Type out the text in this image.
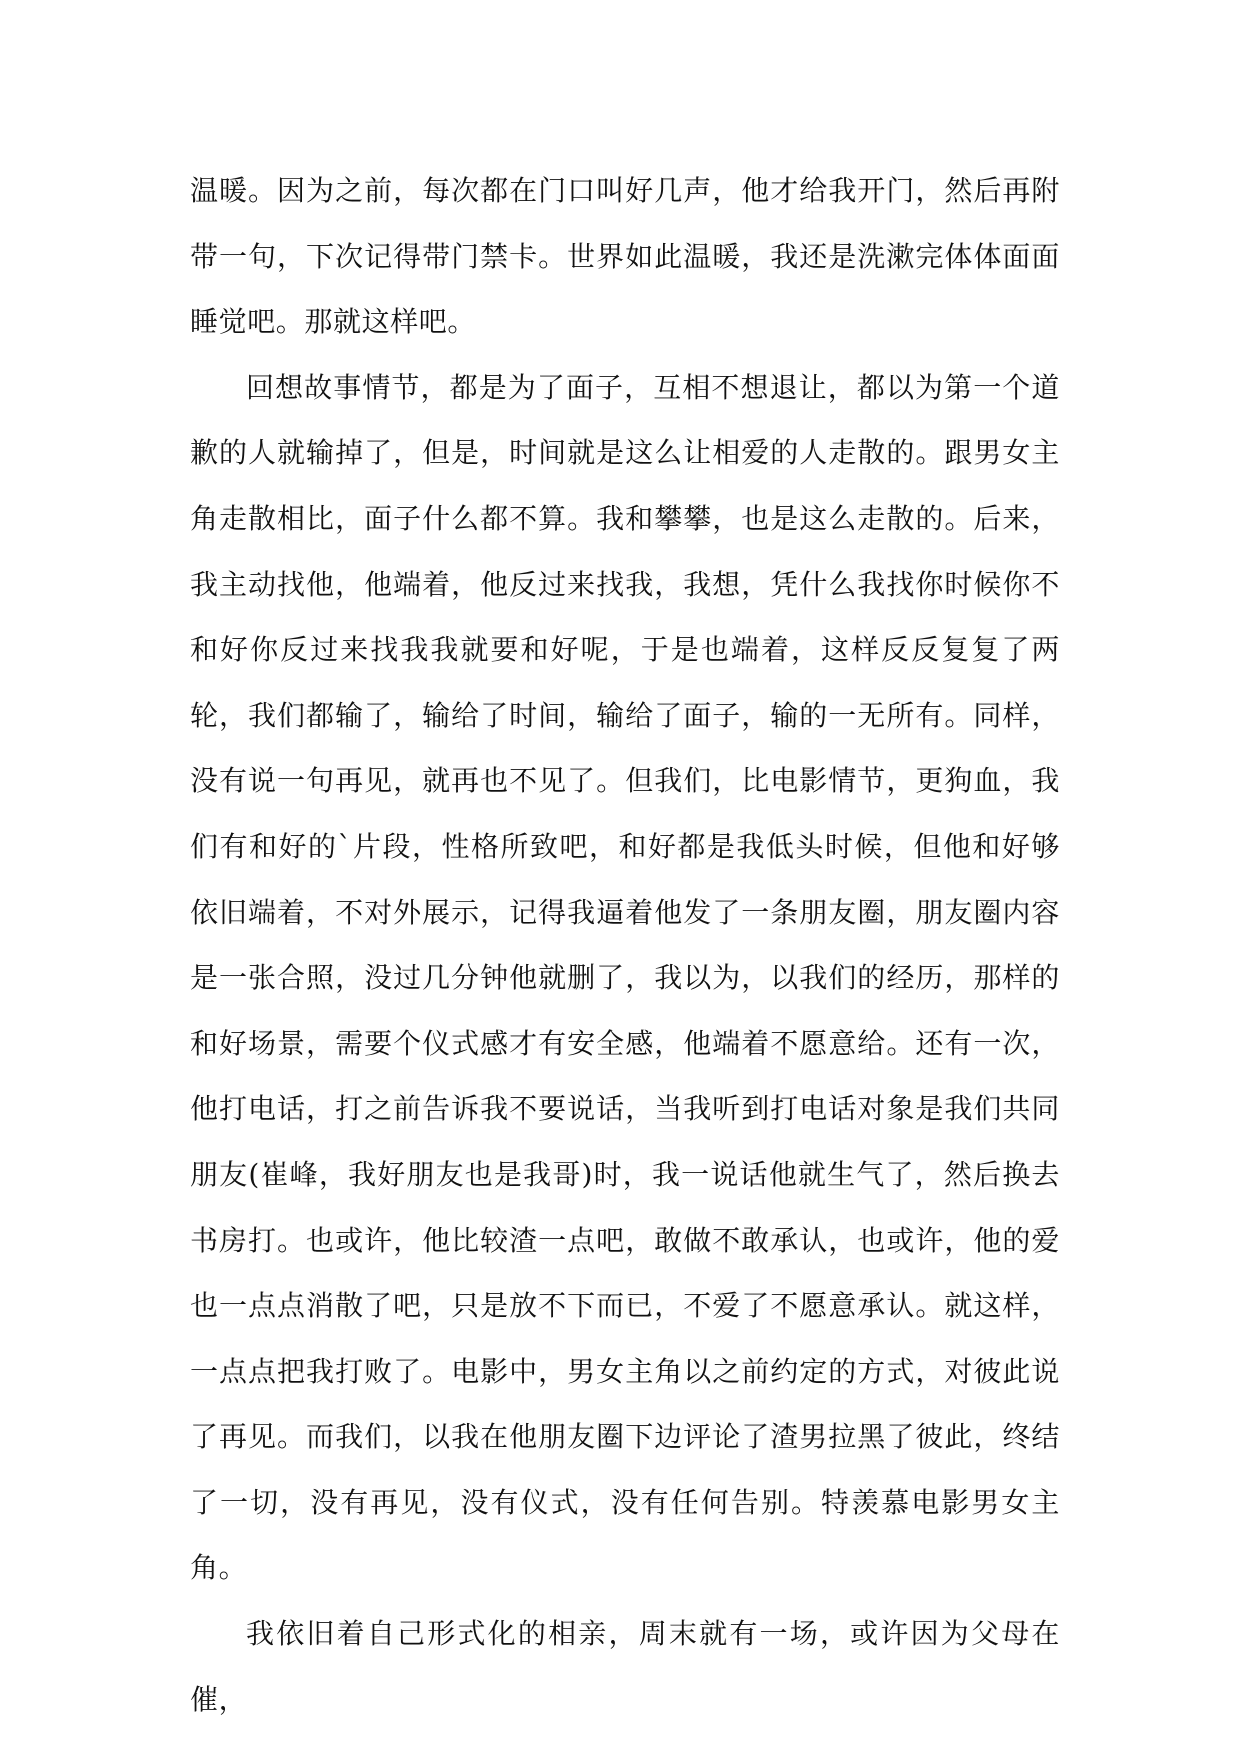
温暖。因为之前，每次都在门口叫好几声，他才给我开门，然后再附带一句，下次记得带门禁卡。世界如此温暖，我还是洗漱完体体面面睡觉吧。那就这样吧。

回想故事情节，都是为了面子，互相不想退让，都以为第一个道歉的人就输掉了，但是，时间就是这么让相爱的人走散的。跟男女主角走散相比，面子什么都不算。我和攀攀，也是这么走散的。后来，我主动找他，他端着，他反过来找我，我想，凭什么我找你时候你不和好你反过来找我我就要和好呢，于是也端着，这样反反复复了两轮，我们都输了，输给了时间，输给了面子，输的一无所有。同样，没有说一句再见，就再也不见了。但我们，比电影情节，更狗血，我们有和好的`片段，性格所致吧，和好都是我低头时候，但他和好够依旧端着，不对外展示，记得我逼着他发了一条朋友圈，朋友圈内容是一张合照，没过几分钟他就删了，我以为，以我们的经历，那样的和好场景，需要个仪式感才有安全感，他端着不愿意给。还有一次，他打电话，打之前告诉我不要说话，当我听到打电话对象是我们共同朋友(崔峰，我好朋友也是我哥)时，我一说话他就生气了，然后换去书房打。也或许，他比较渣一点吧，敢做不敢承认，也或许，他的爱也一点点消散了吧，只是放不下而已，不爱了不愿意承认。就这样，一点点把我打败了。电影中，男女主角以之前约定的方式，对彼此说了再见。而我们，以我在他朋友圈下边评论了渣男拉黑了彼此，终结了一切，没有再见，没有仪式，没有任何告别。特羡慕电影男女主角。

我依旧着自己形式化的相亲，周末就有一场，或许因为父母在催，
